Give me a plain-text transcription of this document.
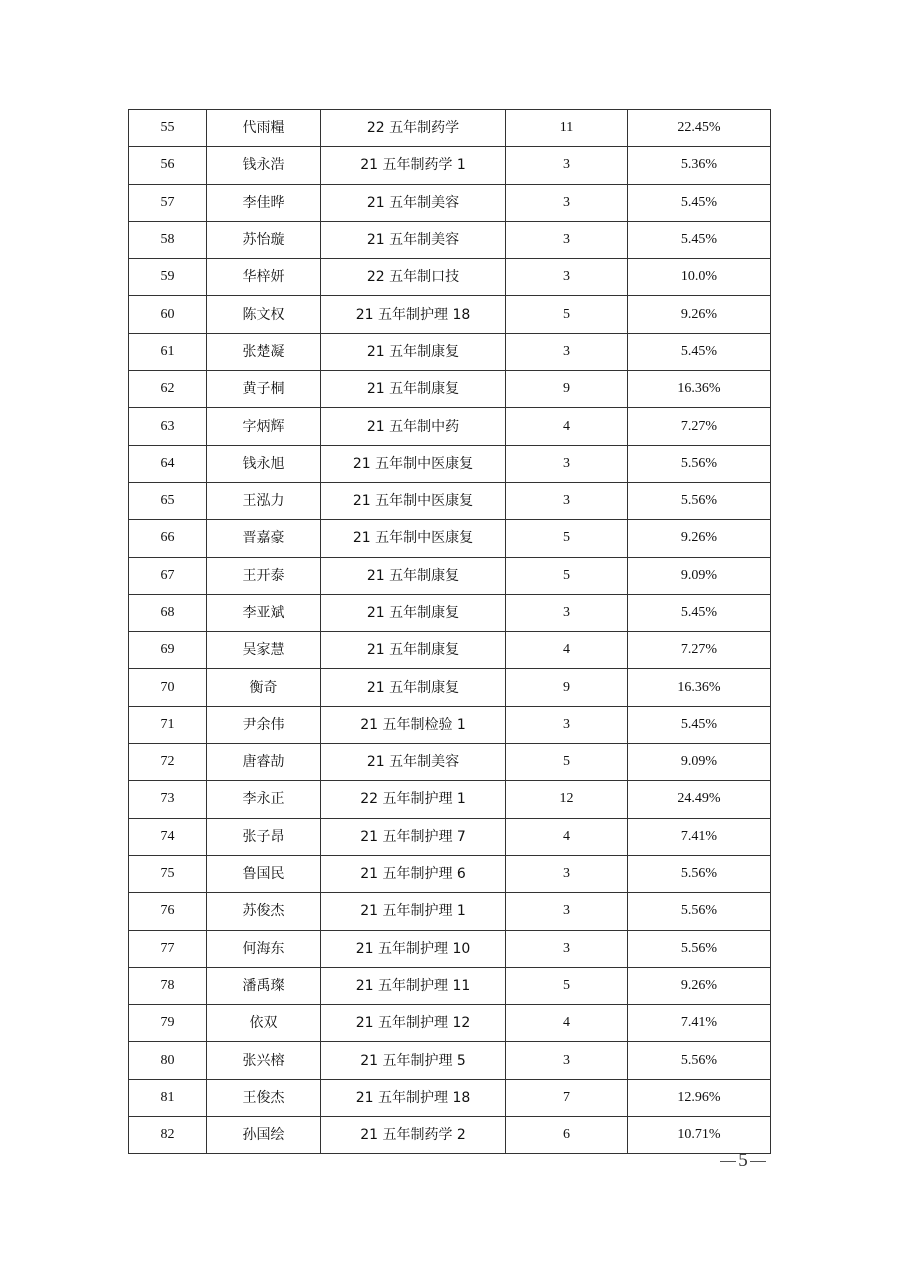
55	代雨糧	22 五年制药学	11	22.45%
56	钱永浩	21 五年制药学 1	3	5.36%
57	李佳晔	21 五年制美容	3	5.45%
58	苏怡璇	21 五年制美容	3	5.45%
59	华梓妍	22 五年制口技	3	10.0%
60	陈文权	21 五年制护理 18	5	9.26%
61	张楚凝	21 五年制康复	3	5.45%
62	黄子桐	21 五年制康复	9	16.36%
63	字炳辉	21 五年制中药	4	7.27%
64	钱永旭	21 五年制中医康复	3	5.56%
65	王泓力	21 五年制中医康复	3	5.56%
66	晋嘉豪	21 五年制中医康复	5	9.26%
67	王开泰	21 五年制康复	5	9.09%
68	李亚斌	21 五年制康复	3	5.45%
69	吴家慧	21 五年制康复	4	7.27%
70	衡奇	21 五年制康复	9	16.36%
71	尹余伟	21 五年制检验 1	3	5.45%
72	唐睿劼	21 五年制美容	5	9.09%
73	李永正	22 五年制护理 1	12	24.49%
74	张子昂	21 五年制护理 7	4	7.41%
75	鲁国民	21 五年制护理 6	3	5.56%
76	苏俊杰	21 五年制护理 1	3	5.56%
77	何海东	21 五年制护理 10	3	5.56%
78	潘禹璨	21 五年制护理 11	5	9.26%
79	依双	21 五年制护理 12	4	7.41%
80	张兴榕	21 五年制护理 5	3	5.56%
81	王俊杰	21 五年制护理 18	7	12.96%
82	孙国绘	21 五年制药学 2	6	10.71%
5
